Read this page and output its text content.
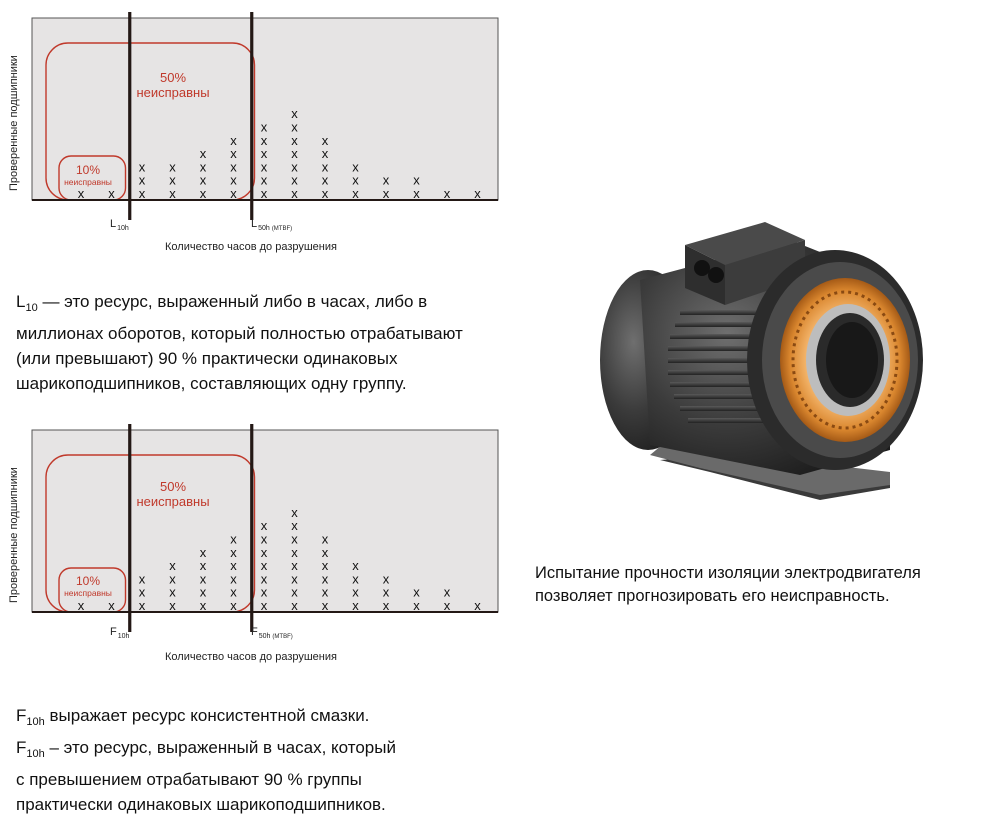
x x x
x
x
x
x
x
x
x
x
x
x
x
x
x
x
x
x
x
x
x
x
x
x
x
x
x
x
x
x
x
x
x
x
x
x
x
x
x
x
x
x x
Проверенные подшипники
Количество часов до разрушения
$L_{10h}$	$L_{50h}$ $_{(MTBF)}$
10%
неисправны
50%
неисправны
$L_{10}$ — это ресурс, выраженный либо в часах, либо в миллионах оборотов, который полностью отрабатывают (или превышают) 90 % практически одинаковых шарикоподшипников, составляющих одну группу.
x x x
x
x
x
x
x
x
x
x
x
x
x
x
x
x
x
x
x
x
x
x
x
x
x
x
x
x
x
x
x
x
x
x
x
x
x
x
x
x
x
x
x
x
x
x
x
x
x
x
x
x
Проверенные подшипники
Количество часов до разрушения
$F_{10h}$	$F_{50h}$ $_{(MTBF)}$
10%
неисправны
50%
неисправны
$F_{10h}$ выражает ресурс консистентной смазки.
$F_{10h}$ – это ресурс, выраженный в часах, который
с превышением отрабатывают 90 % группы
практически одинаковых шарикоподшипников.
Испытание прочности изоляции электродвигателя позволяет прогнозировать его неисправность.
